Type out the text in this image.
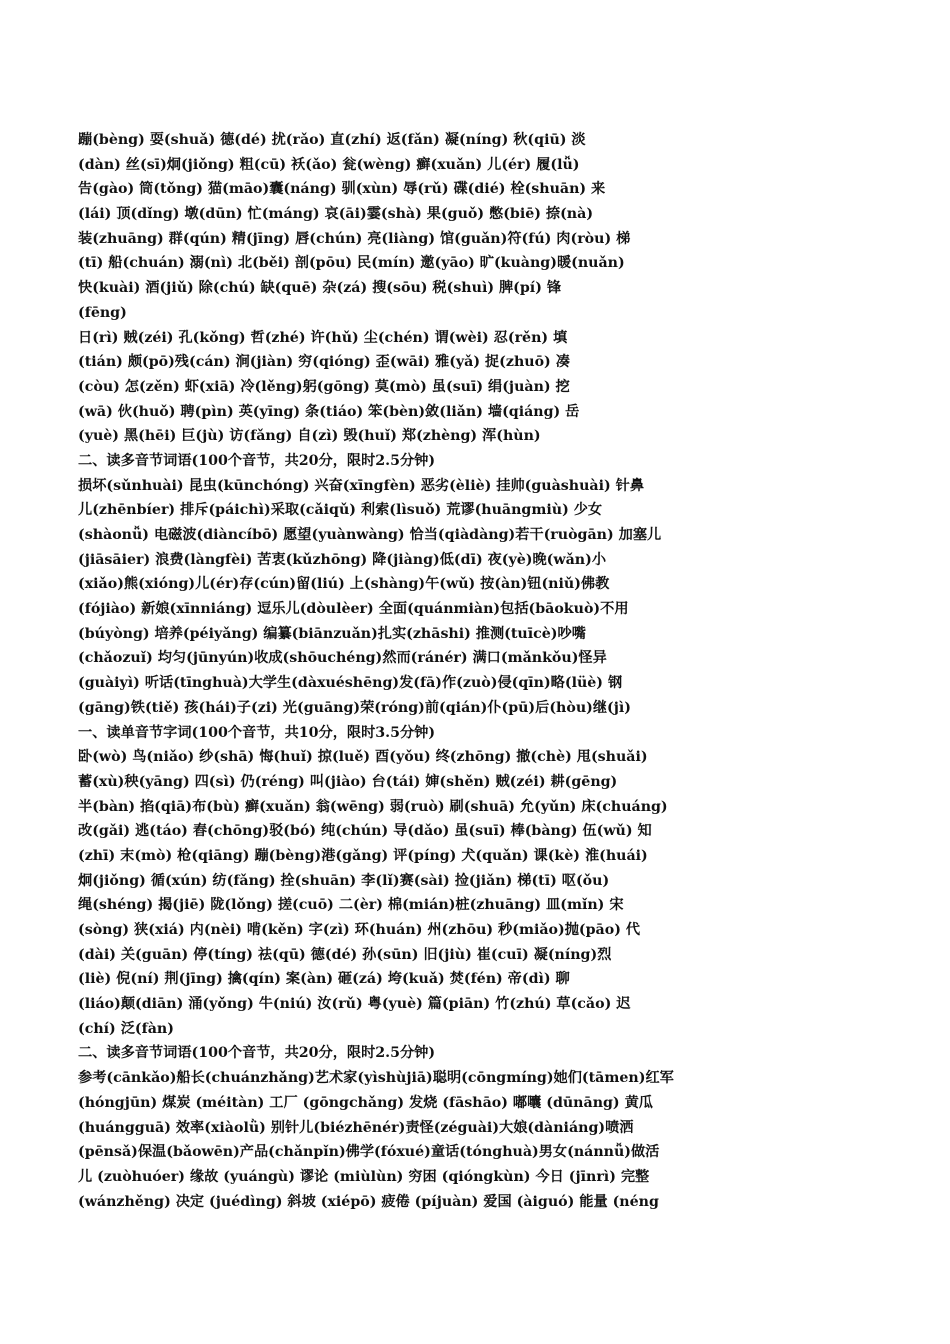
蹦(bèng) 耍(shuǎ) 德(dé) 扰(rǎo) 直(zhí) 返(fǎn) 凝(níng) 秋(qiū) 淡
(dàn) 丝(sī)炯(jiǒng) 粗(cū) 袄(ǎo) 瓮(wèng) 癣(xuǎn) 儿(ér) 履(lǚ)
告(gào) 筒(tǒng) 猫(māo)囊(náng) 驯(xùn) 辱(rǔ) 碟(dié) 栓(shuān) 来
(lái) 顶(dǐng) 墩(dūn) 忙(máng) 哀(āi)霎(shà) 果(guǒ) 憋(biē) 捺(nà)
装(zhuāng) 群(qún) 精(jīng) 唇(chún) 亮(liàng) 馆(guǎn)符(fú) 肉(ròu) 梯
(tī) 船(chuán) 溺(nì) 北(běi) 剖(pōu) 民(mín) 邀(yāo) 旷(kuàng)暖(nuǎn)
快(kuài) 酒(jiǔ) 除(chú) 缺(quē) 杂(zá) 搜(sōu) 税(shuì) 脾(pí) 锋
(fēng)
日(rì) 贼(zéi) 孔(kǒng) 哲(zhé) 许(hǔ) 尘(chén) 谓(wèi) 忍(rěn) 填
(tián) 颇(pō)残(cán) 涧(jiàn) 穷(qióng) 歪(wāi) 雅(yǎ) 捉(zhuō) 凑
(còu) 怎(zěn) 虾(xiā) 冷(lěng)躬(gōng) 莫(mò) 虽(suī) 绢(juàn) 挖
(wā) 伙(huǒ) 聘(pìn) 英(yīng) 条(tiáo) 笨(bèn)敛(liǎn) 墙(qiáng) 岳
(yuè) 黑(hēi) 巨(jù) 访(fǎng) 自(zì) 毁(huǐ) 郑(zhèng) 浑(hùn)
二、读多音节词语(100个音节，共20分，限时2.5分钟)
损坏(sǔnhuài) 昆虫(kūnchóng) 兴奋(xīngfèn) 恶劣(èliè) 挂帅(guàshuài) 针鼻
儿(zhēnbíer) 排斥(páichì)采取(cǎiqǔ) 利索(lìsuǒ) 荒谬(huāngmiù) 少女
(shàonǚ) 电磁波(diàncíbō) 愿望(yuànwàng) 恰当(qiàdàng)若干(ruògān) 加塞儿
(jiāsāier) 浪费(làngfèi) 苦衷(kǔzhōng) 降(jiàng)低(dī) 夜(yè)晚(wǎn)小
(xiǎo)熊(xióng)儿(ér)存(cún)留(liú) 上(shàng)午(wǔ) 按(àn)钮(niǔ)佛教
(fójiào) 新娘(xīnniáng) 逗乐儿(dòulèer) 全面(quánmiàn)包括(bāokuò)不用
(búyòng) 培养(péiyǎng) 编纂(biānzuǎn)扎实(zhāshi) 推测(tuīcè)吵嘴
(chǎozuǐ) 均匀(jūnyún)收成(shōuchéng)然而(ránér) 满口(mǎnkǒu)怪异
(guàiyì) 听话(tīnghuà)大学生(dàxuéshēng)发(fā)作(zuò)侵(qīn)略(lüè) 钢
(gāng)铁(tiě) 孩(hái)子(zi) 光(guāng)荣(róng)前(qián)仆(pū)后(hòu)继(jì)
一、读单音节字词(100个音节，共10分，限时3.5分钟)
卧(wò) 鸟(niǎo) 纱(shā) 悔(huǐ) 掠(luě) 酉(yǒu) 终(zhōng) 撤(chè) 甩(shuǎi)
蓄(xù)秧(yāng) 四(sì) 仍(réng) 叫(jiào) 台(tái) 婶(shěn) 贼(zéi) 耕(gēng)
半(bàn) 掐(qiā)布(bù) 癣(xuǎn) 翁(wēng) 弱(ruò) 刷(shuā) 允(yǔn) 床(chuáng)
改(gǎi) 逃(táo) 舂(chōng)驳(bó) 纯(chún) 导(dǎo) 虽(suī) 棒(bàng) 伍(wǔ) 知
(zhī) 末(mò) 枪(qiāng) 蹦(bèng)港(gǎng) 评(píng) 犬(quǎn) 课(kè) 淮(huái)
炯(jiǒng) 循(xún) 纺(fǎng) 拴(shuān) 李(lǐ)赛(sài) 捡(jiǎn) 梯(tī) 呕(ǒu)
绳(shéng) 揭(jiē) 陇(lǒng) 搓(cuō) 二(èr) 棉(mián)桩(zhuāng) 皿(mǐn) 宋
(sòng) 狭(xiá) 内(nèi) 啃(kěn) 字(zì) 环(huán) 州(zhōu) 秒(miǎo)抛(pāo) 代
(dài) 关(guān) 停(tíng) 祛(qū) 德(dé) 孙(sūn) 旧(jiù) 崔(cuī) 凝(níng)烈
(liè) 倪(ní) 荆(jīng) 擒(qín) 案(àn) 砸(zá) 垮(kuǎ) 焚(fén) 帝(dì) 聊
(liáo)颠(diān) 涌(yǒng) 牛(niú) 汝(rǔ) 粤(yuè) 篇(piān) 竹(zhú) 草(cǎo) 迟
(chí) 泛(fàn)
二、读多音节词语(100个音节，共20分，限时2.5分钟)
参考(cānkǎo)船长(chuánzhǎng)艺术家(yìshùjiā)聪明(cōngmíng)她们(tāmen)红军
(hóngjūn) 煤炭 (méitàn) 工厂 (gōngchǎng) 发烧 (fāshāo) 嘟囔 (dūnāng) 黄瓜
(huángguā) 效率(xiàolǜ) 别针儿(biézhēnér)责怪(zéguài)大娘(dàniáng)喷洒
(pēnsǎ)保温(bǎowēn)产品(chǎnpǐn)佛学(fóxué)童话(tónghuà)男女(nánnǚ)做活
儿 (zuòhuóer) 缘故 (yuángù) 谬论 (miùlùn) 穷困 (qióngkùn) 今日 (jīnrì) 完整
(wánzhěng) 决定 (juédìng) 斜坡 (xiépō) 疲倦 (píjuàn) 爱国 (àiguó) 能量 (néng
